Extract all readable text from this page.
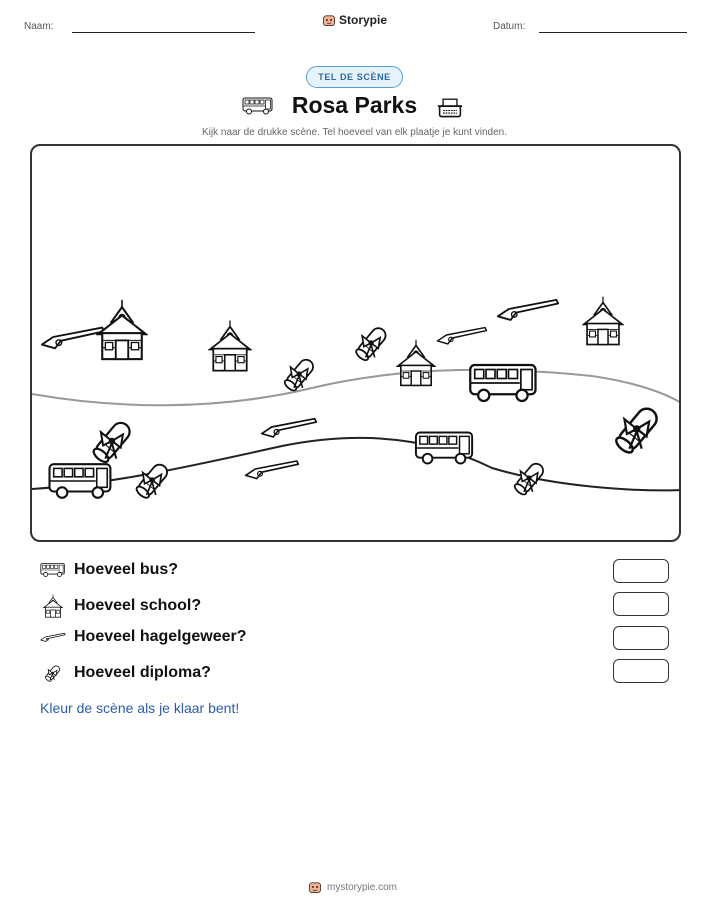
Naam:	Storypie	Datum:
TEL DE SCÈNE
Rosa Parks
Kijk naar de drukke scène. Tel hoeveel van elk plaatje je kunt vinden.
Hoeveel bus?
Hoeveel school?
Hoeveel hagelgeweer?
Hoeveel diploma?
Kleur de scène als je klaar bent!
mystorypie.com
